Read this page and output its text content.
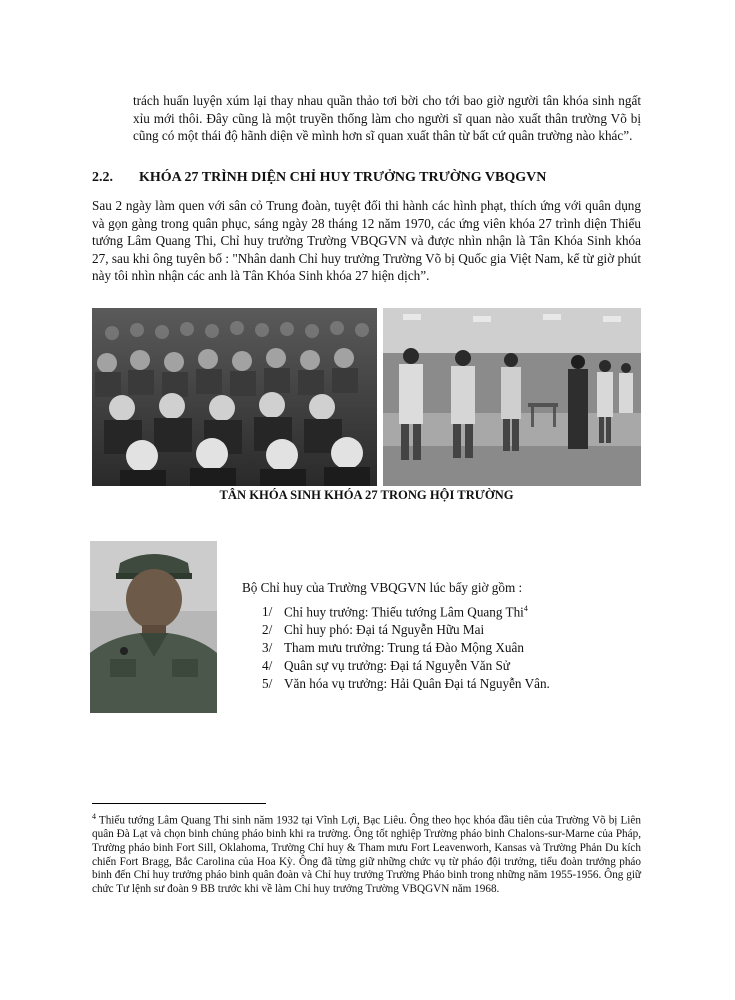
trách huấn luyện xúm lại thay nhau quần thảo tơi bời cho tới bao giờ người tân khóa sinh ngất xỉu mới thôi. Đây cũng là một truyền thống làm cho người sĩ quan nào xuất thân trường Võ bị cũng có một thái độ hãnh diện về mình hơn sĩ quan xuất thân từ bất cứ quân trường nào khác”.
2.2. KHÓA 27 TRÌNH DIỆN CHỈ HUY TRƯỞNG TRƯỜNG VBQGVN
Sau 2 ngày làm quen với sân cỏ Trung đoàn, tuyệt đối thi hành các hình phạt, thích ứng với quân dụng và gọn gàng trong quân phục, sáng ngày 28 tháng 12 năm 1970, các ứng viên khóa 27 trình diện Thiếu tướng Lâm Quang Thi, Chỉ huy trưởng Trường VBQGVN và được nhìn nhận là Tân Khóa Sinh khóa 27, sau khi ông tuyên bố : "Nhân danh Chỉ huy trưởng Trường Võ bị Quốc gia Việt Nam, kể từ giờ phút này tôi nhìn nhận các anh là Tân Khóa Sinh khóa 27 hiện dịch”.
TÂN KHÓA SINH KHÓA 27 TRONG HỘI TRƯỜNG
Bộ Chỉ huy của Trường VBQGVN lúc bấy giờ gồm :
1/ Chỉ huy trưởng: Thiếu tướng Lâm Quang Thi$^4$
2/ Chỉ huy phó: Đại tá Nguyễn Hữu Mai
3/ Tham mưu trưởng: Trung tá Đào Mộng Xuân
4/ Quân sự vụ trưởng: Đại tá Nguyễn Văn Sử
5/ Văn hóa vụ trưởng: Hải Quân Đại tá Nguyễn Vân.
$^4$ Thiếu tướng Lâm Quang Thi sinh năm 1932 tại Vĩnh Lợi, Bạc Liêu. Ông theo học khóa đầu tiên của Trường Võ bị Liên quân Đà Lạt và chọn binh chủng pháo binh khi ra trường. Ông tốt nghiệp Trường pháo binh Chalons-sur-Marne của Pháp, Trường pháo binh Fort Sill, Oklahoma, Trường Chỉ huy & Tham mưu Fort Leavenworh, Kansas và Trường Phản Du kích chiến Fort Bragg, Bắc Carolina của Hoa Kỳ. Ông đã từng giữ những chức vụ từ pháo đội trưởng, tiểu đoàn trưởng pháo binh đến Chỉ huy trưởng pháo binh quân đoàn và Chỉ huy trưởng Trường Pháo binh trong những năm 1955-1956. Ông giữ chức Tư lệnh sư đoàn 9 BB trước khi về làm Chỉ huy trưởng Trường VBQGVN năm 1968.
